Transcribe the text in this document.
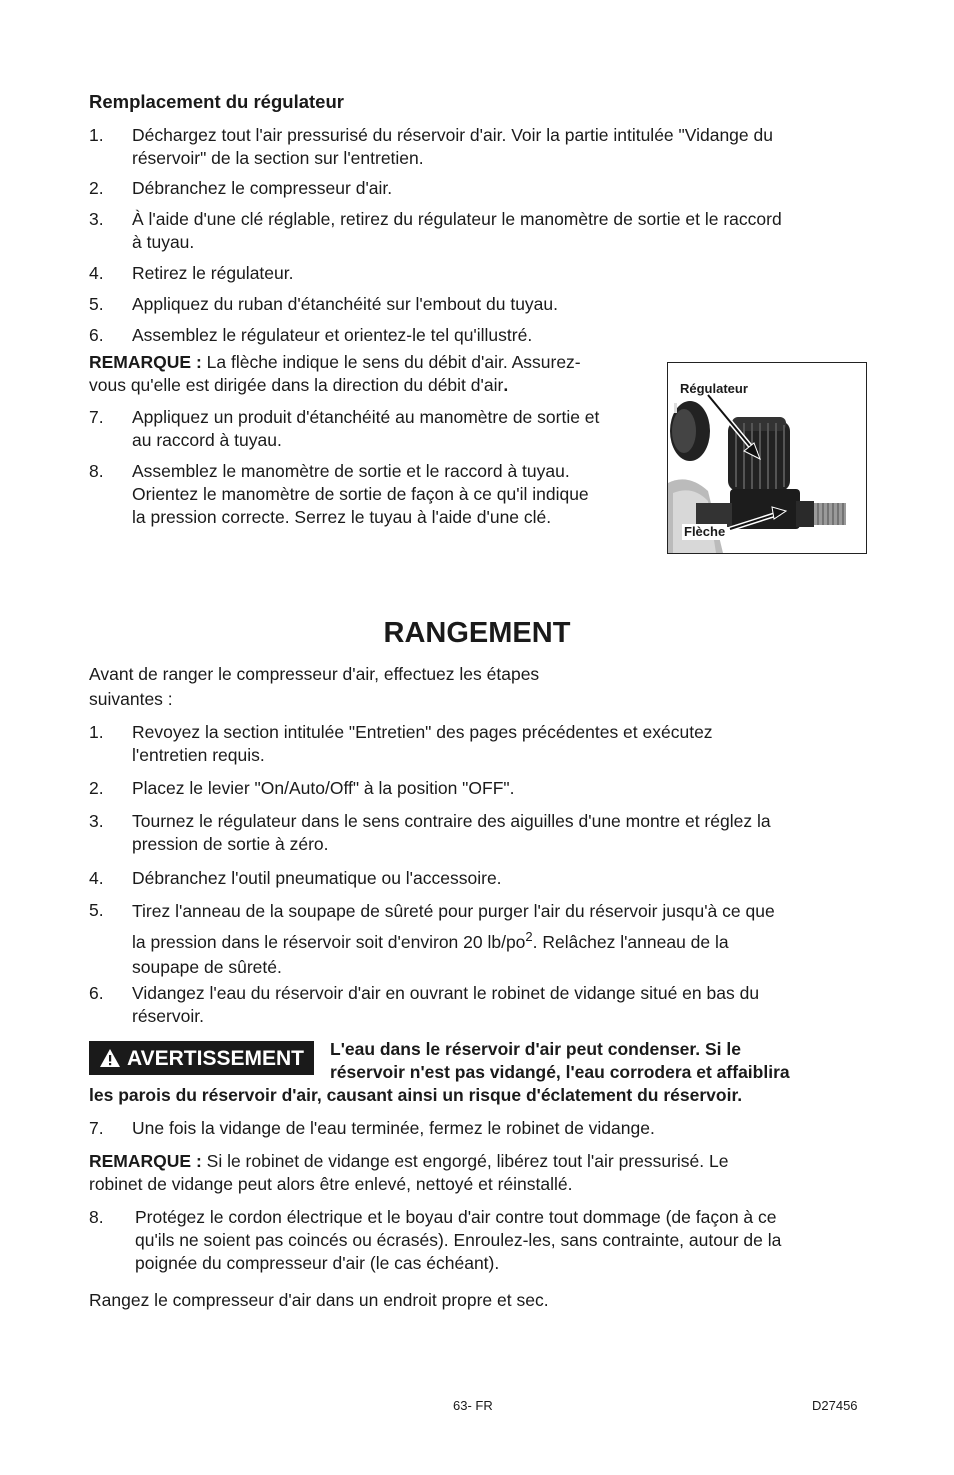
Remplacement du régulateur
1. Déchargez tout l'air pressurisé du réservoir d'air. Voir la partie intitulée "Vidange du
réservoir" de la section sur l'entretien.
2. Débranchez le compresseur d'air.
3. À l'aide d'une clé réglable, retirez du régulateur le manomètre de sortie et le raccord
à tuyau.
4. Retirez le régulateur.
5. Appliquez du ruban d'étanchéité sur l'embout du tuyau.
6. Assemblez le régulateur et orientez-le tel qu'illustré.
REMARQUE : La flèche indique le sens du débit d'air. Assurez-
vous qu'elle est dirigée dans la direction du débit d'air.
7. Appliquez un produit d'étanchéité au manomètre de sortie et
au raccord à tuyau.
8. Assemblez le manomètre de sortie et le raccord à tuyau.
Orientez le manomètre de sortie de façon à ce qu'il indique
la pression correcte. Serrez le tuyau à l'aide d'une clé.
Régulateur
Flèche
RANGEMENT
Avant de ranger le compresseur d'air, effectuez les étapes
suivantes :
1. Revoyez la section intitulée "Entretien" des pages précédentes et exécutez
l'entretien requis.
2. Placez le levier "On/Auto/Off" à la position "OFF".
3. Tournez le régulateur dans le sens contraire des aiguilles d'une montre et réglez la
pression de sortie à zéro.
4. Débranchez l'outil pneumatique ou l'accessoire.
5. Tirez l'anneau de la soupape de sûreté pour purger l'air du réservoir jusqu'à ce que
la pression dans le réservoir soit d'environ 20 $lb/po^2$. Relâchez l'anneau de la
soupape de sûreté.
6. Vidangez l'eau du réservoir d'air en ouvrant le robinet de vidange situé en bas du
réservoir.
AVERTISSEMENT L'eau dans le réservoir d'air peut condenser. Si le
réservoir n'est pas vidangé, l'eau corrodera et affaiblira
les parois du réservoir d'air, causant ainsi un risque d'éclatement du réservoir.
7. Une fois la vidange de l'eau terminée, fermez le robinet de vidange.
REMARQUE : Si le robinet de vidange est engorgé, libérez tout l'air pressurisé. Le
robinet de vidange peut alors être enlevé, nettoyé et réinstallé.
8. Protégez le cordon électrique et le boyau d'air contre tout dommage (de façon à ce
qu'ils ne soient pas coincés ou écrasés). Enroulez-les, sans contrainte, autour de la
poignée du compresseur d'air (le cas échéant).
Rangez le compresseur d'air dans un endroit propre et sec.
63- FR	D27456
